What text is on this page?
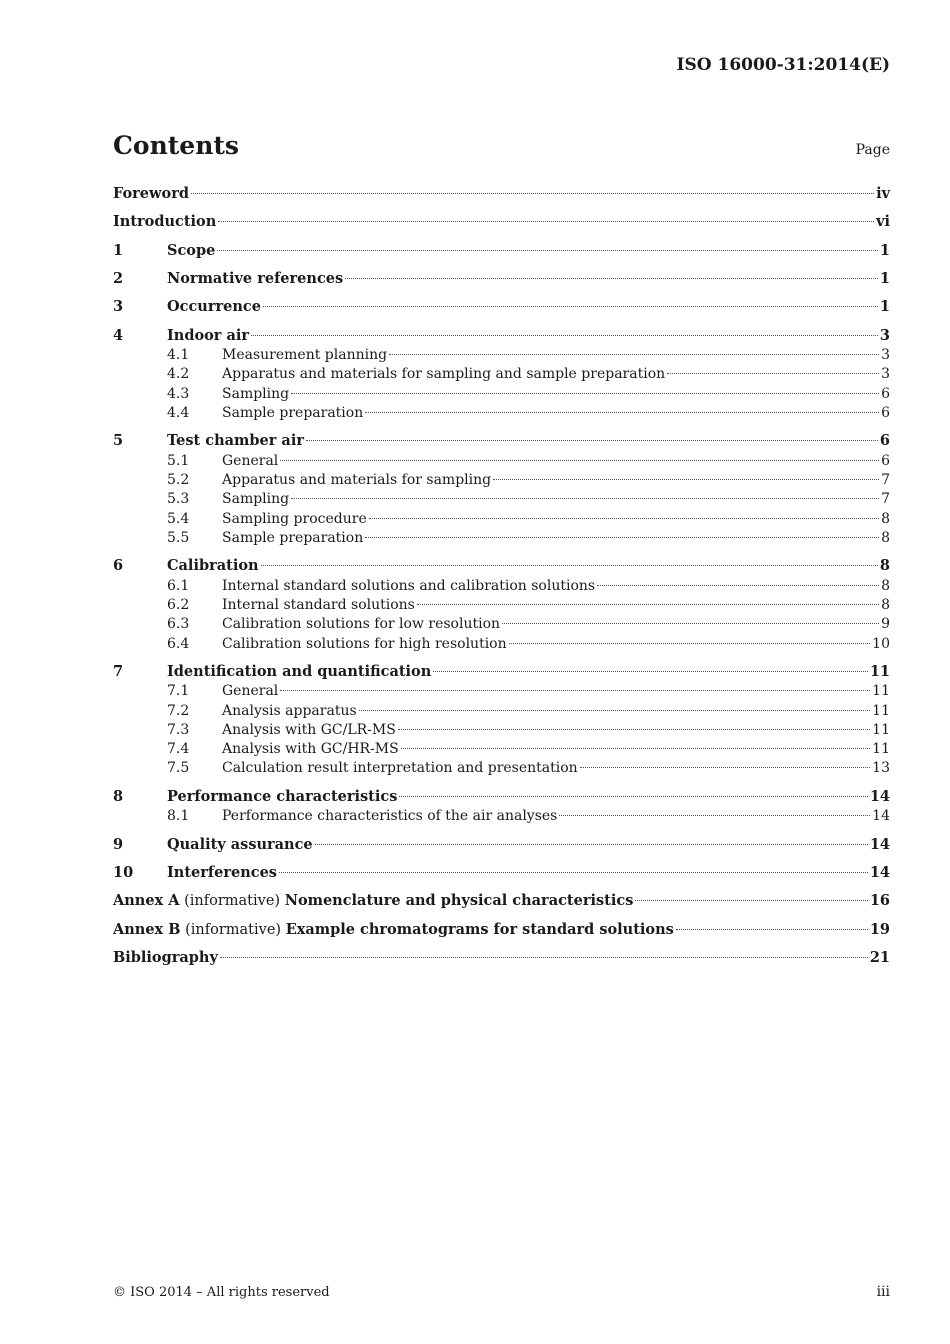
ISO 16000-31:2014(E)
Contents	Page
Foreword	iv
Introduction	vi
1	Scope	1
2	Normative references	1
3	Occurrence	1
4	Indoor air	3
4.1	Measurement planning	3
4.2	Apparatus and materials for sampling and sample preparation	3
4.3	Sampling	6
4.4	Sample preparation	6
5	Test chamber air	6
5.1	General	6
5.2	Apparatus and materials for sampling	7
5.3	Sampling	7
5.4	Sampling procedure	8
5.5	Sample preparation	8
6	Calibration	8
6.1	Internal standard solutions and calibration solutions	8
6.2	Internal standard solutions	8
6.3	Calibration solutions for low resolution	9
6.4	Calibration solutions for high resolution	10
7	Identification and quantification	11
7.1	General	11
7.2	Analysis apparatus	11
7.3	Analysis with GC/LR-MS	11
7.4	Analysis with GC/HR-MS	11
7.5	Calculation result interpretation and presentation	13
8	Performance characteristics	14
8.1	Performance characteristics of the air analyses	14
9	Quality assurance	14
10	Interferences	14
Annex A (informative) Nomenclature and physical characteristics	16
Annex B (informative) Example chromatograms for standard solutions	19
Bibliography	21
© ISO 2014 – All rights reserved	iii
